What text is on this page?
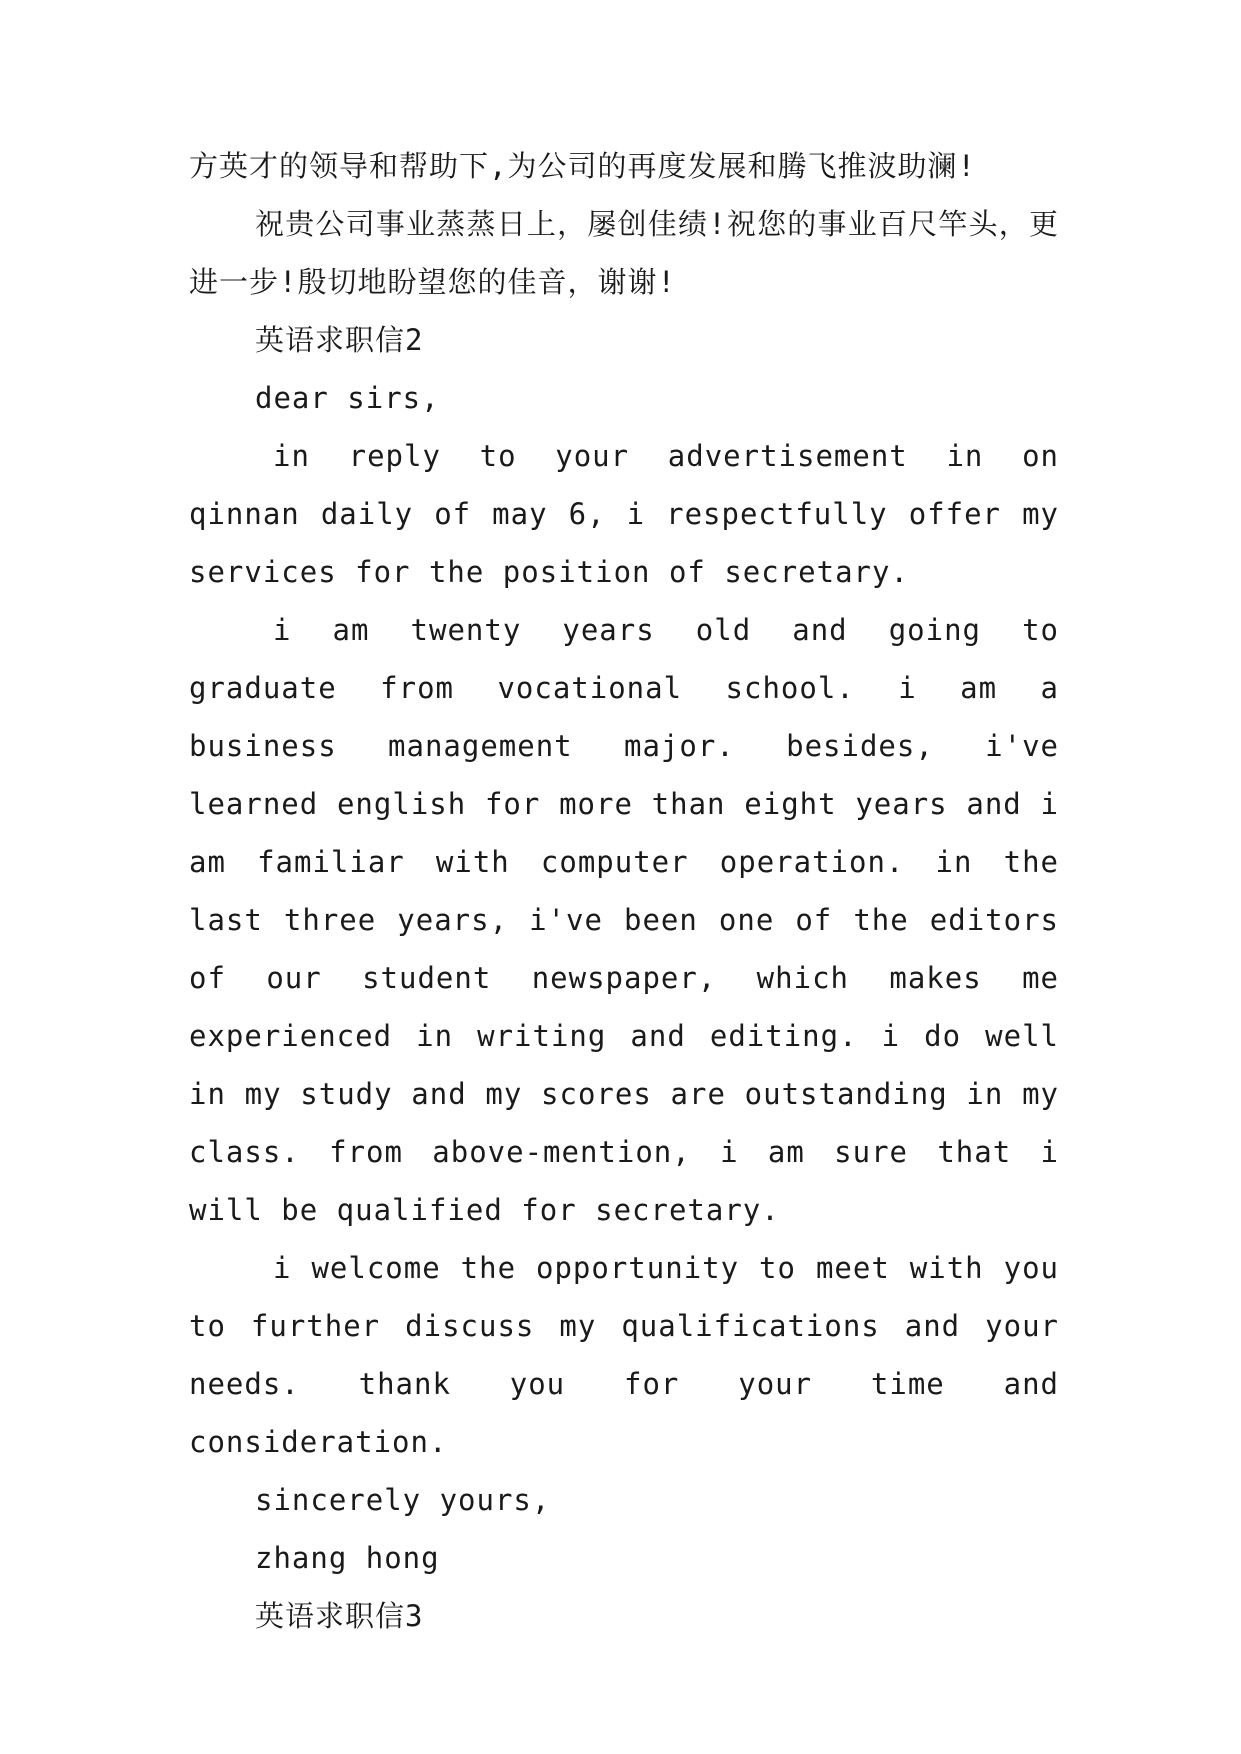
方英才的领导和帮助下,为公司的再度发展和腾飞推波助澜!

祝贵公司事业蒸蒸日上，屡创佳绩!祝您的事业百尺竿头，更进一步!殷切地盼望您的佳音，谢谢!

英语求职信2

dear sirs,

in reply to your advertisement in on qinnan daily of may 6, i respectfully offer my services for the position of secretary.

i am twenty years old and going to graduate from vocational school. i am a business management major. besides, i've learned english for more than eight years and i am familiar with computer operation. in the last three years, i've been one of the editors of our student newspaper, which makes me experienced in writing and editing. i do well in my study and my scores are outstanding in my class. from above-mention, i am sure that i will be qualified for secretary.

i welcome the opportunity to meet with you to further discuss my qualifications and your needs. thank you for your time and consideration.

sincerely yours,

zhang hong

英语求职信3
